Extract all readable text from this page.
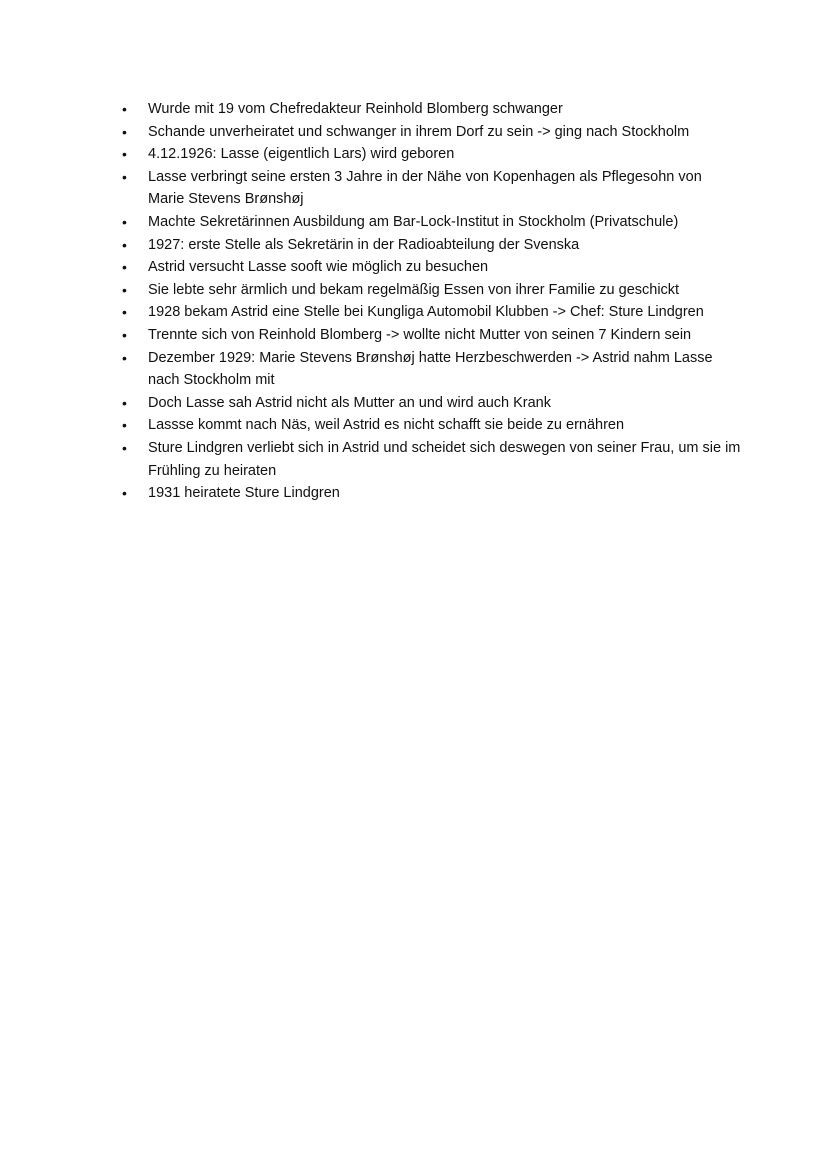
•	Wurde mit 19 vom Chefredakteur Reinhold Blomberg schwanger
•	Schande unverheiratet und schwanger in ihrem Dorf zu sein -> ging nach Stockholm
•	4.12.1926: Lasse (eigentlich Lars) wird geboren
•	Lasse verbringt seine ersten 3 Jahre in der Nähe von Kopenhagen als Pflegesohn von Marie Stevens Brønshøj
•	Machte Sekretärinnen Ausbildung am Bar-Lock-Institut in Stockholm (Privatschule)
•	1927: erste Stelle als Sekretärin in der Radioabteilung der Svenska
•	Astrid versucht Lasse sooft wie möglich zu besuchen
•	Sie lebte sehr ärmlich und bekam regelmäßig Essen von ihrer Familie zu geschickt
•	1928 bekam Astrid eine Stelle bei Kungliga Automobil Klubben -> Chef: Sture Lindgren
•	Trennte sich von Reinhold Blomberg -> wollte nicht Mutter von seinen 7 Kindern sein
•	Dezember 1929: Marie Stevens Brønshøj hatte Herzbeschwerden -> Astrid nahm Lasse nach Stockholm mit
•	Doch Lasse sah Astrid nicht als Mutter an und wird auch Krank
•	Lassse kommt nach Näs, weil Astrid es nicht schafft sie beide zu ernähren
•	Sture Lindgren verliebt sich in Astrid und scheidet sich deswegen von seiner Frau, um sie im Frühling zu heiraten
•	1931 heiratete Sture Lindgren
